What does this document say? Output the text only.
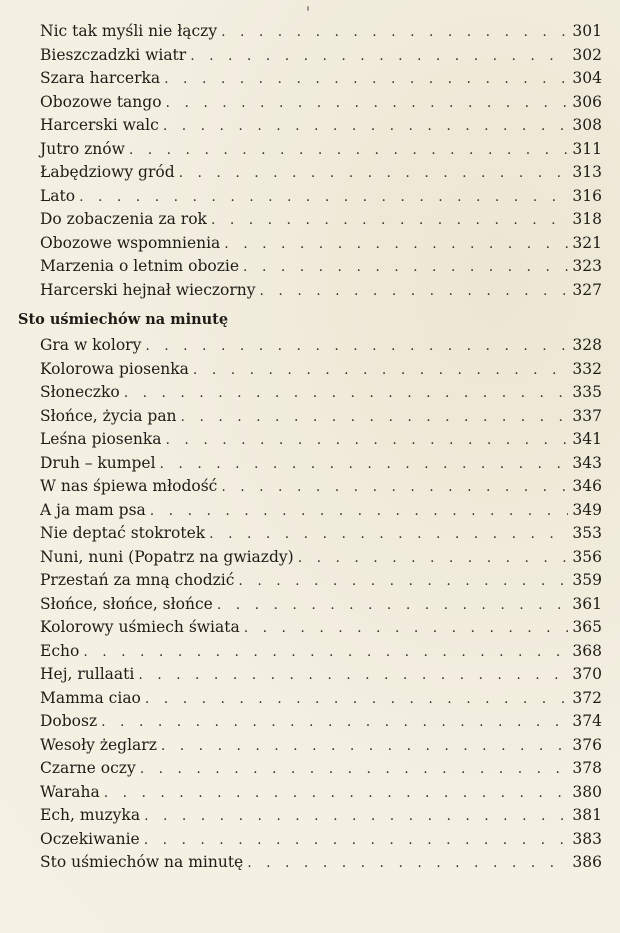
Nic tak myśli nie łączy . . .	301
Bieszczadzki wiatr . . .	302
Szara harcerka . . .	304
Obozowe tango . . .	306
Harcerski walc . . .	308
Jutro znów . . .	311
Łabędziowy gród . . .	313
Lato . . .	316
Do zobaczenia za rok . . .	318
Obozowe wspomnienia . . .	321
Marzenia o letnim obozie . . .	323
Harcerski hejnał wieczorny . . .	327
Sto uśmiechów na minutę
Gra w kolory . . .	328
Kolorowa piosenka . . .	332
Słoneczko . . .	335
Słońce, życia pan . . .	337
Leśna piosenka . . .	341
Druh – kumpel . . .	343
W nas śpiewa młodość . . .	346
A ja mam psa . . .	349
Nie deptać stokrotek . . .	353
Nuni, nuni (Popatrz na gwiazdy) . . .	356
Przestań za mną chodzić . . .	359
Słońce, słońce, słońce . . .	361
Kolorowy uśmiech świata . . .	365
Echo . . .	368
Hej, rullaati . . .	370
Mamma ciao . . .	372
Dobosz . . .	374
Wesoły żeglarz . . .	376
Czarne oczy . . .	378
Waraha . . .	380
Ech, muzyka . . .	381
Oczekiwanie . . .	383
Sto uśmiechów na minutę . . .	386
